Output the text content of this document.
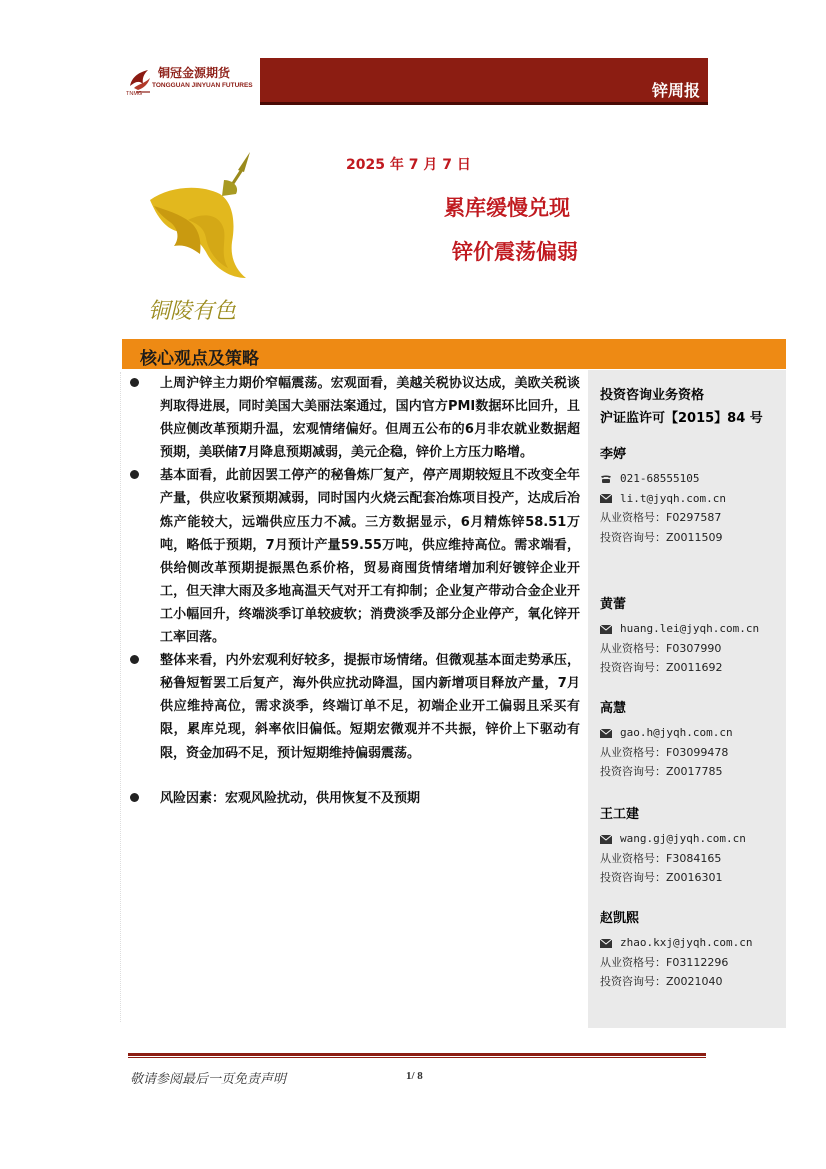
铜冠金源期货
TONGGUAN JINYUAN FUTURES
TNMG	锌周报
铜陵有色
2025 年 7 月 7 日
累库缓慢兑现
锌价震荡偏弱
核心观点及策略
上周沪锌主力期价窄幅震荡。宏观面看，美越关税协议达成，美欧关税谈判取得进展，同时美国大美丽法案通过，国内官方PMI数据环比回升，且供应侧改革预期升温，宏观情绪偏好。但周五公布的6月非农就业数据超预期，美联储7月降息预期减弱，美元企稳，锌价上方压力略增。
基本面看，此前因罢工停产的秘鲁炼厂复产，停产周期较短且不改变全年产量，供应收紧预期减弱，同时国内火烧云配套冶炼项目投产，达成后冶炼产能较大，远端供应压力不减。三方数据显示，6月精炼锌58.51万吨，略低于预期，7月预计产量59.55万吨，供应维持高位。需求端看，供给侧改革预期提振黑色系价格，贸易商囤货情绪增加利好镀锌企业开工，但天津大雨及多地高温天气对开工有抑制；企业复产带动合金企业开工小幅回升，终端淡季订单较疲软；消费淡季及部分企业停产，氧化锌开工率回落。
整体来看，内外宏观利好较多，提振市场情绪。但微观基本面走势承压，秘鲁短暂罢工后复产，海外供应扰动降温，国内新增项目释放产量，7月供应维持高位，需求淡季，终端订单不足，初端企业开工偏弱且采买有限，累库兑现，斜率依旧偏低。短期宏微观并不共振，锌价上下驱动有限，资金加码不足，预计短期维持偏弱震荡。
风险因素：宏观风险扰动，供用恢复不及预期
投资咨询业务资格
沪证监许可【2015】84 号
李婷
021-68555105
li.t@jyqh.com.cn
从业资格号：F0297587
投资咨询号：Z0011509
黄蕾
huang.lei@jyqh.com.cn
从业资格号：F0307990
投资咨询号：Z0011692
高慧
gao.h@jyqh.com.cn
从业资格号：F03099478
投资咨询号：Z0017785
王工建
wang.gj@jyqh.com.cn
从业资格号：F3084165
投资咨询号：Z0016301
赵凯熙
zhao.kxj@jyqh.com.cn
从业资格号：F03112296
投资咨询号：Z0021040
敬请参阅最后一页免责声明	1/ 8
